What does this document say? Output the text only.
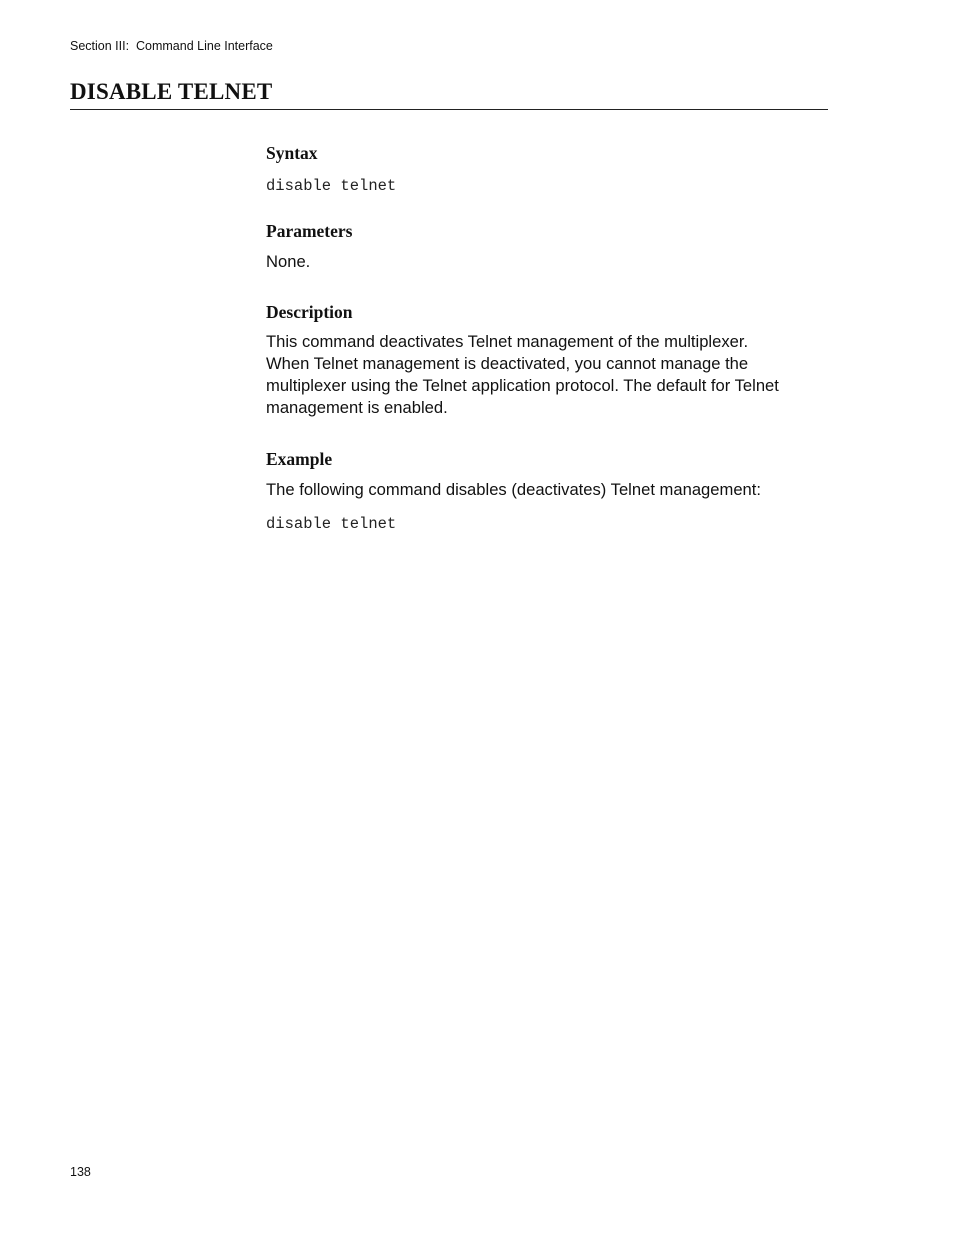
Section III:  Command Line Interface
DISABLE TELNET
Syntax
disable telnet
Parameters
None.
Description
This command deactivates Telnet management of the multiplexer.
When Telnet management is deactivated, you cannot manage the
multiplexer using the Telnet application protocol. The default for Telnet
management is enabled.
Example
The following command disables (deactivates) Telnet management:
disable telnet
138
